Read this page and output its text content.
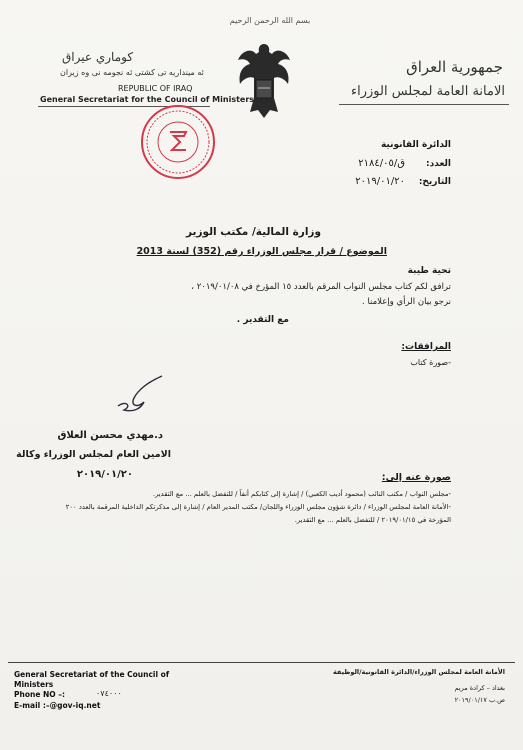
بسم الله الرحمن الرحيم
جمهورية العراق
الامانة العامة لمجلس الوزراء
كوماري عيراق
ئه مینداریه تی كشتی ئه نجومه نی وه زیران
REPUBLIC OF IRAQ
General Secretariat for the Council of Ministers
الدائرة القانونية
العدد:
ق/٢١٨٤/٠٥
التاريخ:
٢٠١٩/٠١/٢٠
وزارة المالية/ مكتب الوزير
الموضوع / قرار مجلس الوزراء رقم (352) لسنة 2013
تحية طيبة
ترافق لكم كتاب مجلس النواب المرقم بالعدد ١٥ المؤرخ في ٢٠١٩/٠١/٠٨ ،
نرجو بيان الرأي وإعلامنا .
مع التقدير .
المرافقات:
-صورة كتاب
د.مهدي محسن العلاق
الامين العام لمجلس الوزراء وكالة
٢٠١٩/٠١/٢٠	صورة عنه إلى:
-مجلس النواب / مكتب النائب (محمود أديب الكعبي) / إشارة إلى كتابكم أنفاً / للتفضل بالعلم ... مع التقدير.
-الأمانة العامة لمجلس الوزراء / دائرة شؤون مجلس الوزراء واللجان/ مكتب المدير العام / إشارة إلى مذكرتكم الداخلية المرقمة بالعدد ٢٠٠
المؤرخة في ٢٠١٩/٠١/١٥ / للتفضل بالعلم ... مع التقدير.
General Secretariat of the Council of
Ministers
Phone NO –:	٠٧٤٠٠٠
E-mail :–@gov-iq.net
الأمانة العامة لمجلس الوزراء/الدائرة القانونية/الوظيفة
بغداد – كرادة مريم
ص.ب ٢٠١٩/٠١/١٧
